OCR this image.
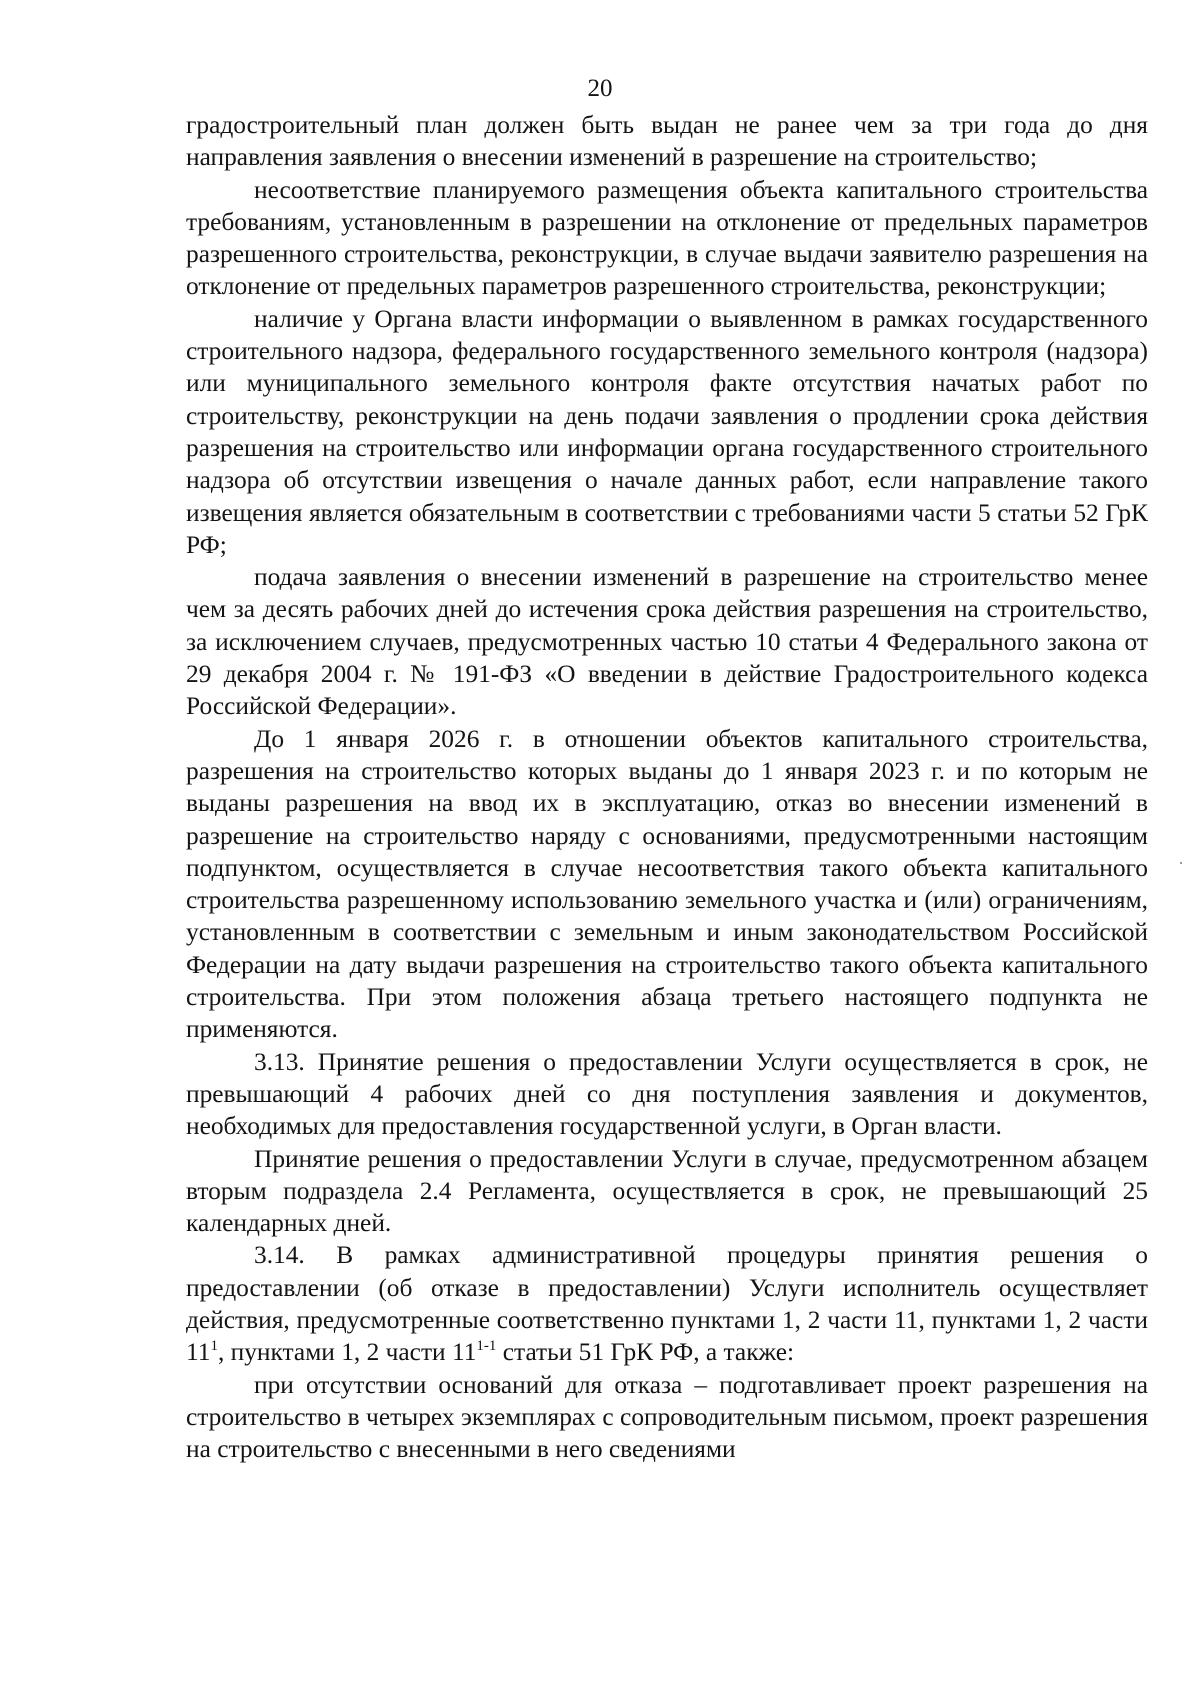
20

градостроительный план должен быть выдан не ранее чем за три года до дня направления заявления о внесении изменений в разрешение на строительство;

несоответствие планируемого размещения объекта капитального строительства требованиям, установленным в разрешении на отклонение от предельных параметров разрешенного строительства, реконструкции, в случае выдачи заявителю разрешения на отклонение от предельных параметров разрешенного строительства, реконструкции;

наличие у Органа власти информации о выявленном в рамках государственного строительного надзора, федерального государственного земельного контроля (надзора) или муниципального земельного контроля факте отсутствия начатых работ по строительству, реконструкции на день подачи заявления о продлении срока действия разрешения на строительство или информации органа государственного строительного надзора об отсутствии извещения о начале данных работ, если направление такого извещения является обязательным в соответствии с требованиями части 5 статьи 52 ГрК РФ;

подача заявления о внесении изменений в разрешение на строительство менее чем за десять рабочих дней до истечения срока действия разрешения на строительство, за исключением случаев, предусмотренных частью 10 статьи 4 Федерального закона от 29 декабря 2004 г. № 191-ФЗ «О введении в действие Градостроительного кодекса Российской Федерации».

До 1 января 2026 г. в отношении объектов капитального строительства, разрешения на строительство которых выданы до 1 января 2023 г. и по которым не выданы разрешения на ввод их в эксплуатацию, отказ во внесении изменений в разрешение на строительство наряду с основаниями, предусмотренными настоящим подпунктом, осуществляется в случае несоответствия такого объекта капитального строительства разрешенному использованию земельного участка и (или) ограничениям, установленным в соответствии с земельным и иным законодательством Российской Федерации на дату выдачи разрешения на строительство такого объекта капитального строительства. При этом положения абзаца третьего настоящего подпункта не применяются.

3.13. Принятие решения о предоставлении Услуги осуществляется в срок, не превышающий 4 рабочих дней со дня поступления заявления и документов, необходимых для предоставления государственной услуги, в Орган власти.

Принятие решения о предоставлении Услуги в случае, предусмотренном абзацем вторым подраздела 2.4 Регламента, осуществляется в срок, не превышающий 25 календарных дней.

3.14. В рамках административной процедуры принятия решения о предоставлении (об отказе в предоставлении) Услуги исполнитель осуществляет действия, предусмотренные соответственно пунктами 1, 2 части 11, пунктами 1, 2 части $11^1$, пунктами 1, 2 части 11$^{1-1}$ статьи 51 ГрК РФ, а также:

при отсутствии оснований для отказа – подготавливает проект разрешения на строительство в четырех экземплярах с сопроводительным письмом, проект разрешения на строительство с внесенными в него сведениями
